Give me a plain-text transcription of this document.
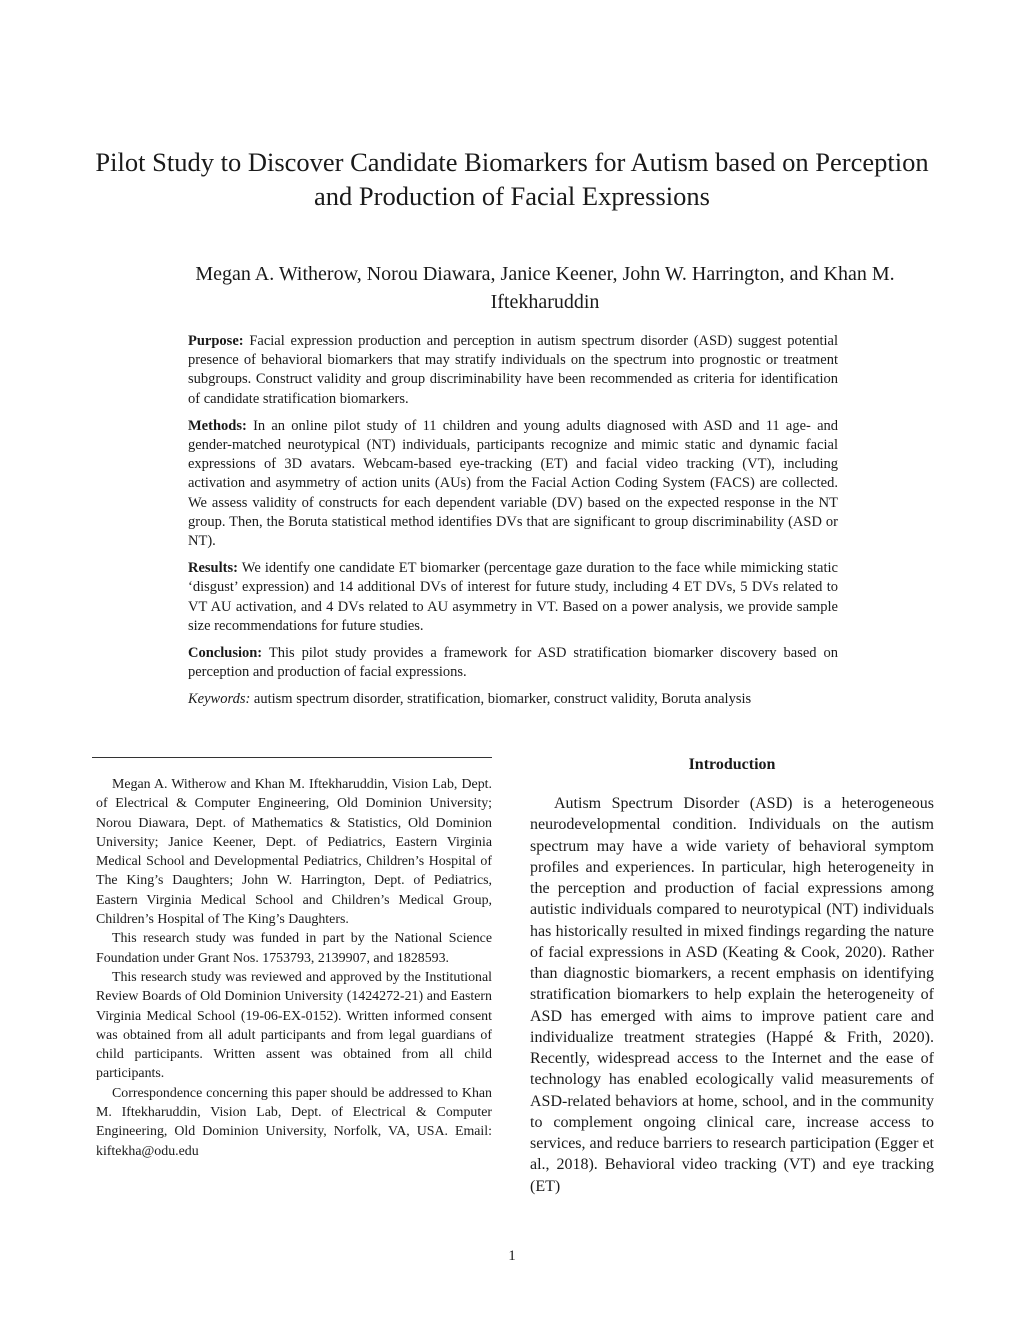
Pilot Study to Discover Candidate Biomarkers for Autism based on Perception and Production of Facial Expressions

Megan A. Witherow, Norou Diawara, Janice Keener, John W. Harrington, and Khan M. Iftekharuddin

Purpose: Facial expression production and perception in autism spectrum disorder (ASD) suggest potential presence of behavioral biomarkers that may stratify individuals on the spectrum into prognostic or treatment subgroups. Construct validity and group discriminability have been recommended as criteria for identification of candidate stratification biomarkers.

Methods: In an online pilot study of 11 children and young adults diagnosed with ASD and 11 age- and gender-matched neurotypical (NT) individuals, participants recognize and mimic static and dynamic facial expressions of 3D avatars. Webcam-based eye-tracking (ET) and facial video tracking (VT), including activation and asymmetry of action units (AUs) from the Facial Action Coding System (FACS) are collected. We assess validity of constructs for each dependent variable (DV) based on the expected response in the NT group. Then, the Boruta statistical method identifies DVs that are significant to group discriminability (ASD or NT).

Results: We identify one candidate ET biomarker (percentage gaze duration to the face while mimicking static ‘disgust’ expression) and 14 additional DVs of interest for future study, including 4 ET DVs, 5 DVs related to VT AU activation, and 4 DVs related to AU asymmetry in VT. Based on a power analysis, we provide sample size recommendations for future studies.

Conclusion: This pilot study provides a framework for ASD stratification biomarker discovery based on perception and production of facial expressions.

Keywords: autism spectrum disorder, stratification, biomarker, construct validity, Boruta analysis

Megan A. Witherow and Khan M. Iftekharuddin, Vision Lab, Dept. of Electrical & Computer Engineering, Old Dominion University; Norou Diawara, Dept. of Mathematics & Statistics, Old Dominion University; Janice Keener, Dept. of Pediatrics, Eastern Virginia Medical School and Developmental Pediatrics, Children’s Hospital of The King’s Daughters; John W. Harrington, Dept. of Pediatrics, Eastern Virginia Medical School and Children’s Medical Group, Children’s Hospital of The King’s Daughters.

This research study was funded in part by the National Science Foundation under Grant Nos. 1753793, 2139907, and 1828593.

This research study was reviewed and approved by the Institutional Review Boards of Old Dominion University (1424272-21) and Eastern Virginia Medical School (19-06-EX-0152). Written informed consent was obtained from all adult participants and from legal guardians of child participants. Written assent was obtained from all child participants.

Correspondence concerning this paper should be addressed to Khan M. Iftekharuddin, Vision Lab, Dept. of Electrical & Computer Engineering, Old Dominion University, Norfolk, VA, USA. Email: kiftekha@odu.edu

Introduction

Autism Spectrum Disorder (ASD) is a heterogeneous neurodevelopmental condition. Individuals on the autism spectrum may have a wide variety of behavioral symptom profiles and experiences. In particular, high heterogeneity in the perception and production of facial expressions among autistic individuals compared to neurotypical (NT) individuals has historically resulted in mixed findings regarding the nature of facial expressions in ASD (Keating & Cook, 2020). Rather than diagnostic biomarkers, a recent emphasis on identifying stratification biomarkers to help explain the heterogeneity of ASD has emerged with aims to improve patient care and individualize treatment strategies (Happé & Frith, 2020). Recently, widespread access to the Internet and the ease of technology has enabled ecologically valid measurements of ASD-related behaviors at home, school, and in the community to complement ongoing clinical care, increase access to services, and reduce barriers to research participation (Egger et al., 2018). Behavioral video tracking (VT) and eye tracking (ET)

1
